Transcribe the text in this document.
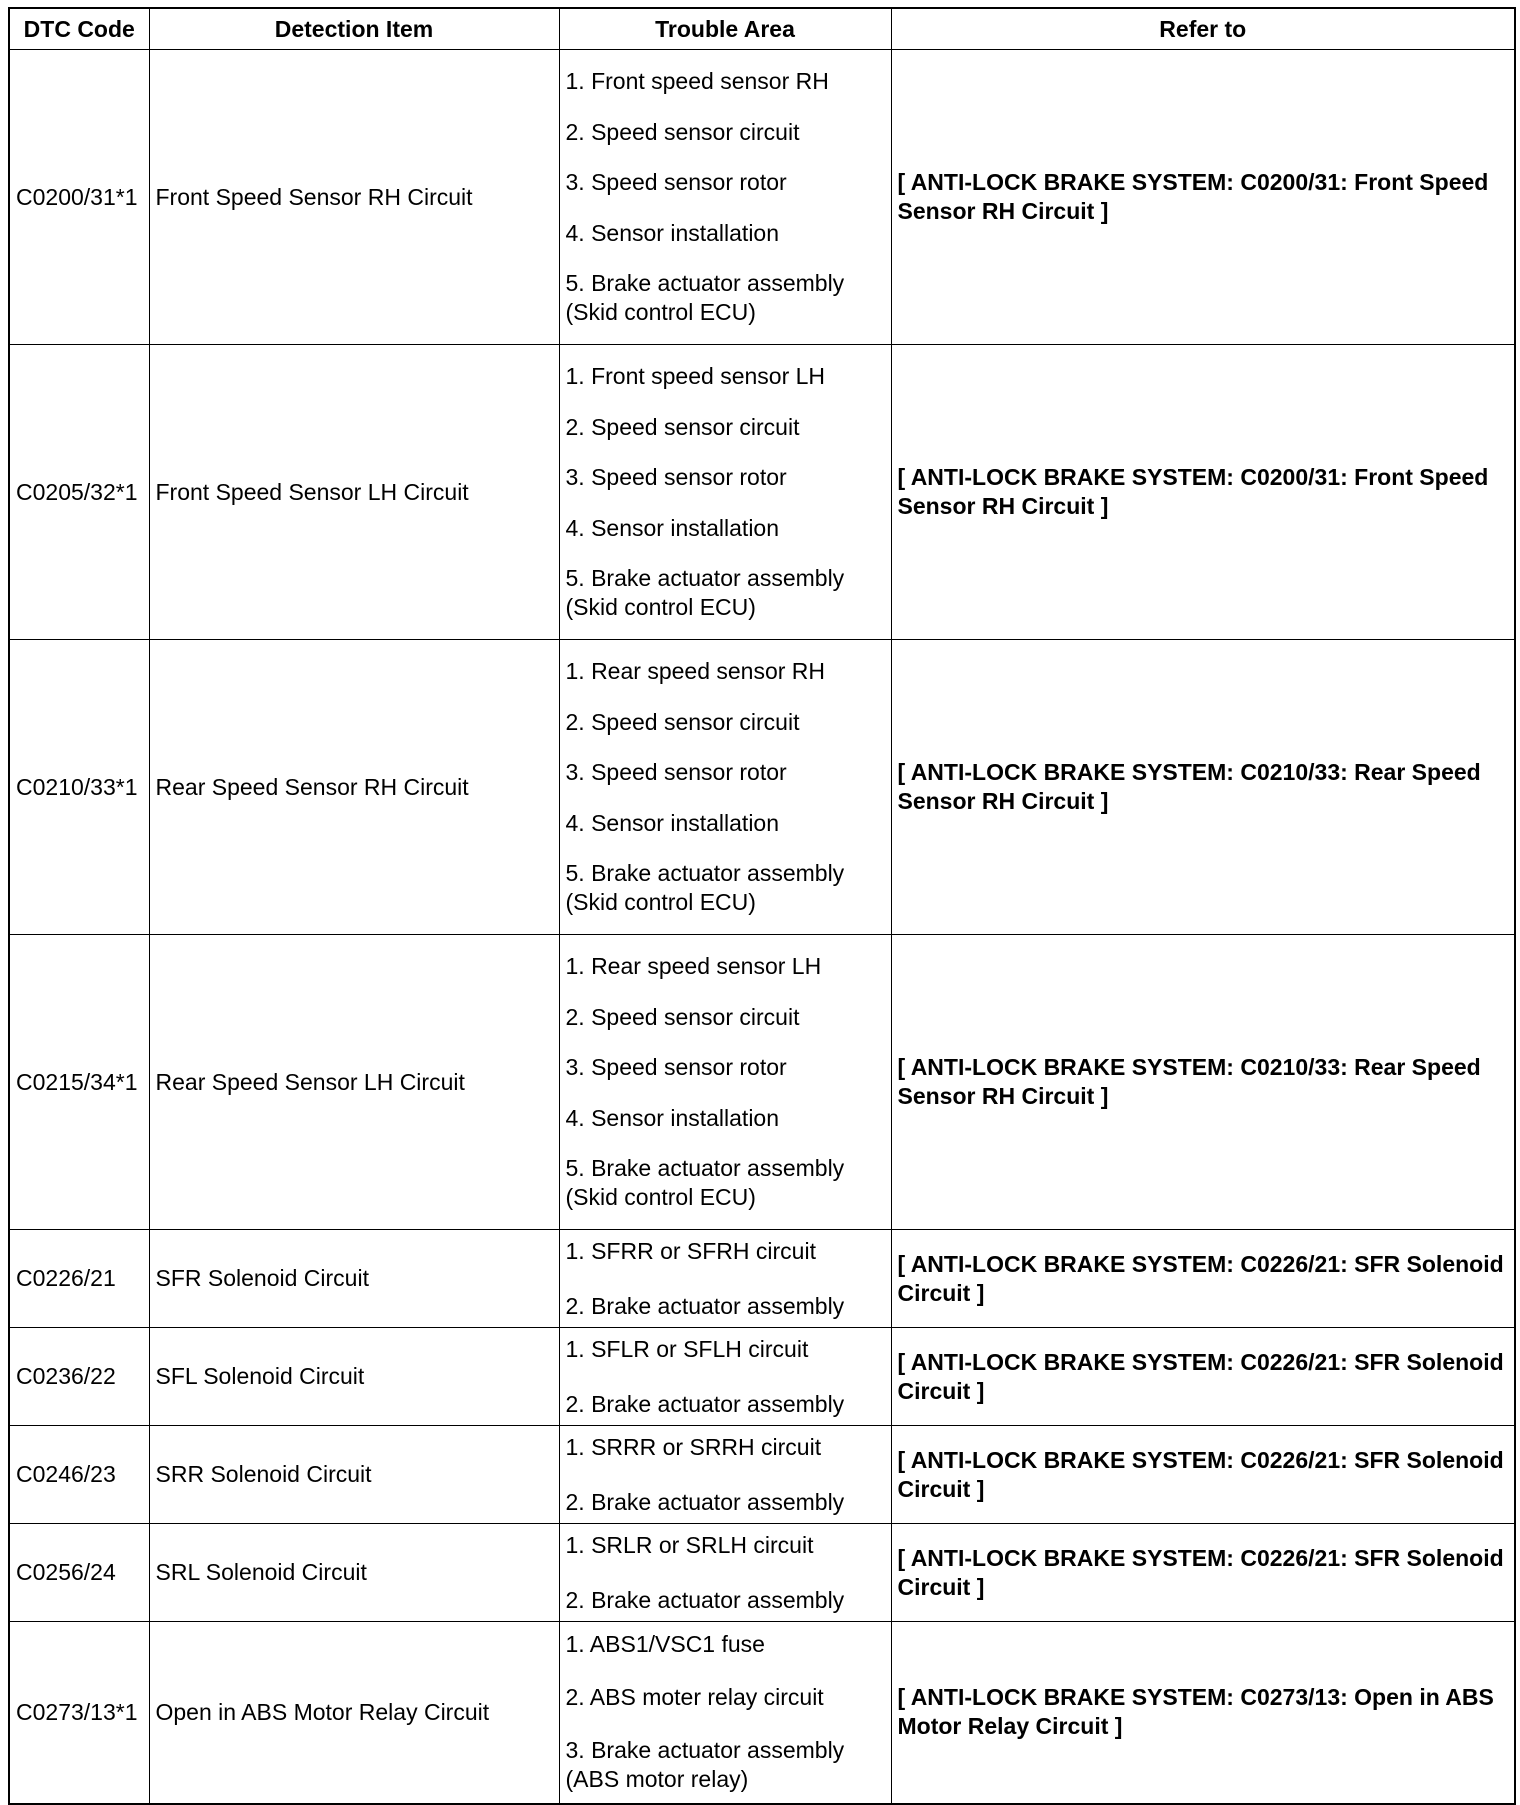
DTC Code	Detection Item	Trouble Area	Refer to
C0200/31*1	Front Speed Sensor RH Circuit	1. Front speed sensor RH
2. Speed sensor circuit
3. Speed sensor rotor
4. Sensor installation
5. Brake actuator assembly (Skid control ECU)	[ ANTI-LOCK BRAKE SYSTEM: C0200/31: Front Speed Sensor RH Circuit ]
C0205/32*1	Front Speed Sensor LH Circuit	1. Front speed sensor LH
2. Speed sensor circuit
3. Speed sensor rotor
4. Sensor installation
5. Brake actuator assembly (Skid control ECU)	[ ANTI-LOCK BRAKE SYSTEM: C0200/31: Front Speed Sensor RH Circuit ]
C0210/33*1	Rear Speed Sensor RH Circuit	1. Rear speed sensor RH
2. Speed sensor circuit
3. Speed sensor rotor
4. Sensor installation
5. Brake actuator assembly (Skid control ECU)	[ ANTI-LOCK BRAKE SYSTEM: C0210/33: Rear Speed Sensor RH Circuit ]
C0215/34*1	Rear Speed Sensor LH Circuit	1. Rear speed sensor LH
2. Speed sensor circuit
3. Speed sensor rotor
4. Sensor installation
5. Brake actuator assembly (Skid control ECU)	[ ANTI-LOCK BRAKE SYSTEM: C0210/33: Rear Speed Sensor RH Circuit ]
C0226/21	SFR Solenoid Circuit	1. SFRR or SFRH circuit
2. Brake actuator assembly	[ ANTI-LOCK BRAKE SYSTEM: C0226/21: SFR Solenoid Circuit ]
C0236/22	SFL Solenoid Circuit	1. SFLR or SFLH circuit
2. Brake actuator assembly	[ ANTI-LOCK BRAKE SYSTEM: C0226/21: SFR Solenoid Circuit ]
C0246/23	SRR Solenoid Circuit	1. SRRR or SRRH circuit
2. Brake actuator assembly	[ ANTI-LOCK BRAKE SYSTEM: C0226/21: SFR Solenoid Circuit ]
C0256/24	SRL Solenoid Circuit	1. SRLR or SRLH circuit
2. Brake actuator assembly	[ ANTI-LOCK BRAKE SYSTEM: C0226/21: SFR Solenoid Circuit ]
C0273/13*1	Open in ABS Motor Relay Circuit	1. ABS1/VSC1 fuse
2. ABS moter relay circuit
3. Brake actuator assembly (ABS motor relay)	[ ANTI-LOCK BRAKE SYSTEM: C0273/13: Open in ABS Motor Relay Circuit ]
